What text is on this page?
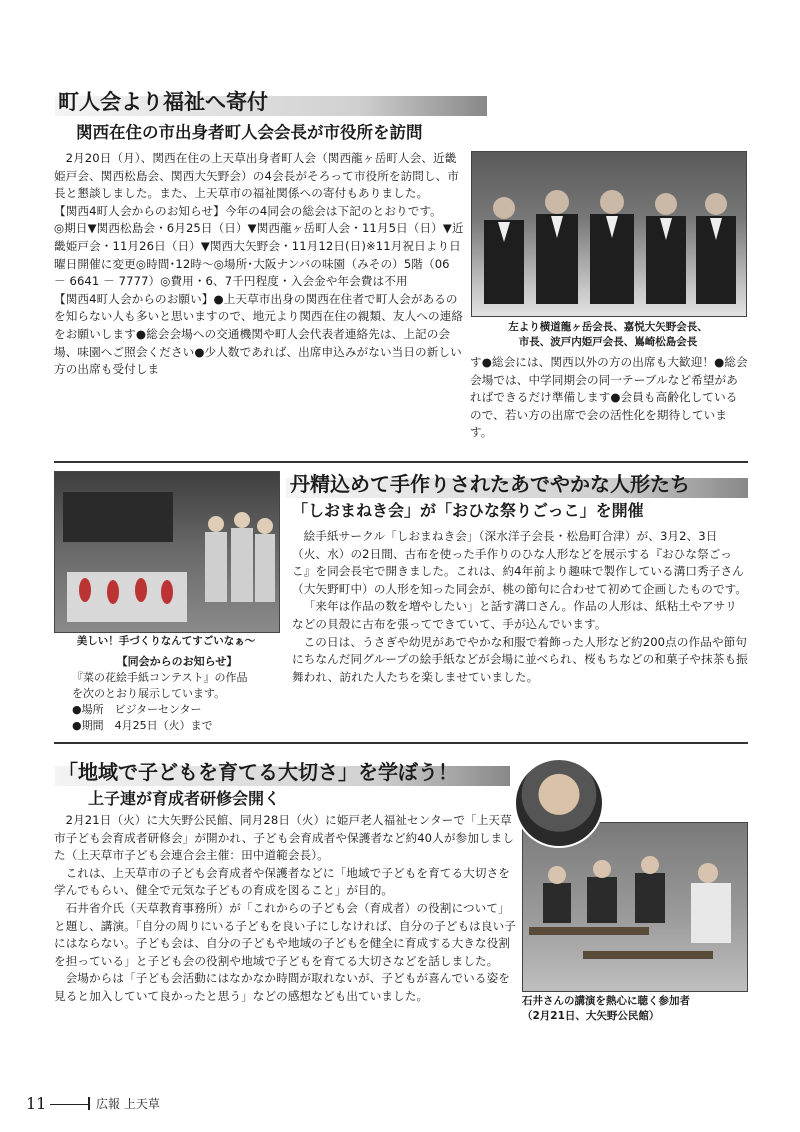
町人会より福祉へ寄付
関西在住の市出身者町人会会長が市役所を訪問

2月20日（月）、関西在住の上天草出身者町人会（関西龍ヶ岳町人会、近畿姫戸会、関西松島会、関西大矢野会）の4会長がそろって市役所を訪問し、市長と懇談しました。また、上天草市の福祉関係への寄付もありました。

【関西4町人会からのお知らせ】今年の4同会の総会は下記のとおりです。

◎期日▼関西松島会・6月25日（日）▼関西龍ヶ岳町人会・11月5日（日）▼近畿姫戸会・11月26日（日）▼関西大矢野会・11月12日(日)※11月祝日より日曜日開催に変更◎時間･12時～◎場所･大阪ナンバの味園（みその）5階（06 － 6641 － 7777）◎費用・6、7千円程度・入会金や年会費は不用

【関西4町人会からのお願い】●上天草市出身の関西在住者で町人会があるのを知らない人も多いと思いますので、地元より関西在住の親類、友人への連絡をお願いします●総会会場への交通機関や町人会代表者連絡先は、上記の会場、味園へご照会ください●少人数であれば、出席申込みがない当日の新しい方の出席も受付しま

左より横道龍ヶ岳会長、嘉悦大矢野会長、
市長、波戸内姫戸会長、嶌崎松島会長

す●総会には、関西以外の方の出席も大歓迎！●総会会場では、中学同期会の同一テーブルなど希望があればできるだけ準備します●会員も高齢化しているので、若い方の出席で会の活性化を期待しています。

美しい！手づくりなんてすごいなぁ～
【同会からのお知らせ】
『菜の花絵手紙コンテスト』の作品
を次のとおり展示しています。
●場所　ビジターセンター
●期間　4月25日（火）まで
丹精込めて手作りされたあでやかな人形たち
「しおまねき会」が「おひな祭りごっこ」を開催

絵手紙サークル「しおまねき会」（深水洋子会長・松島町合津）が、3月2、3日（火、水）の2日間、古布を使った手作りのひな人形などを展示する『おひな祭ごっこ』を同会長宅で開きました。これは、約4年前より趣味で製作している溝口秀子さん（大矢野町中）の人形を知った同会が、桃の節句に合わせて初めて企画したものです。

「来年は作品の数を増やしたい」と話す溝口さん。作品の人形は、紙粘土やアサリなどの貝殻に古布を張ってできていて、手が込んでいます。

この日は、うさぎや幼児があでやかな和服で着飾った人形など約200点の作品や節句にちなんだ同グループの絵手紙などが会場に並べられ、桜もちなどの和菓子や抹茶も振舞われ、訪れた人たちを楽しませていました。

「地域で子どもを育てる大切さ」を学ぼう！
上子連が育成者研修会開く

2月21日（火）に大矢野公民館、同月28日（火）に姫戸老人福祉センターで「上天草市子ども会育成者研修会」が開かれ、子ども会育成者や保護者など約40人が参加しました（上天草市子ども会連合会主催：田中道範会長）。

これは、上天草市の子ども会育成者や保護者などに「地域で子どもを育てる大切さを学んでもらい、健全で元気な子どもの育成を図ること」が目的。

石井省介氏（天草教育事務所）が「これからの子ども会（育成者）の役割について」と題し、講演。「自分の周りにいる子どもを良い子にしなければ、自分の子どもは良い子にはならない。子ども会は、自分の子どもや地域の子どもを健全に育成する大きな役割を担っている」と子ども会の役割や地域で子どもを育てる大切さなどを話しました。

会場からは「子ども会活動にはなかなか時間が取れないが、子どもが喜んでいる姿を見ると加入していて良かったと思う」などの感想なども出ていました。	石井さんの講演を熱心に聴く参加者
（2月21日、大矢野公民館）
11	広報 上天草
